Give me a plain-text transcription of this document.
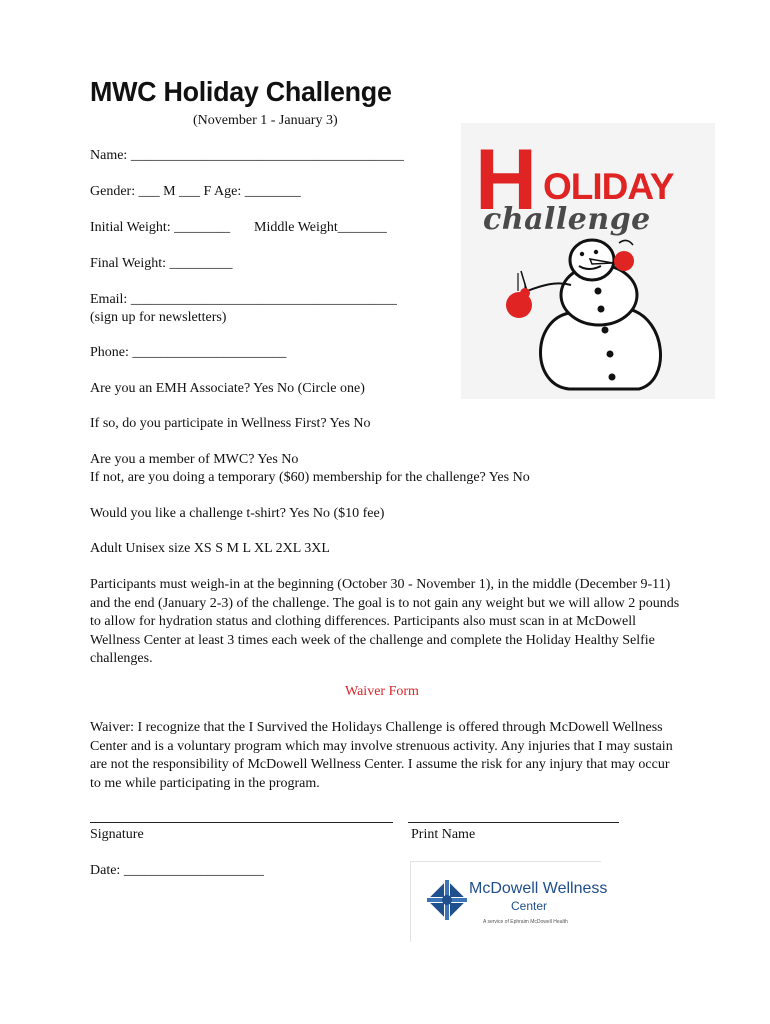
MWC Holiday Challenge
(November 1 - January 3)
Name: _______________________________________
Gender: ___ M ___ F Age: ________
Initial Weight: ________ Middle Weight_______
Final Weight: _________
Email: ______________________________________
(sign up for newsletters)
Phone: ______________________
Are you an EMH Associate? Yes No (Circle one)
If so, do you participate in Wellness First? Yes No
Are you a member of MWC? Yes No
If not, are you doing a temporary ($60) membership for the challenge? Yes No
Would you like a challenge t-shirt? Yes No ($10 fee)
Adult Unisex size XS S M L XL 2XL 3XL
Participants must weigh-in at the beginning (October 30 - November 1), in the middle (December 9-11) and the end (January 2-3) of the challenge. The goal is to not gain any weight but we will allow 2 pounds to allow for hydration status and clothing differences. Participants also must scan in at McDowell Wellness Center at least 3 times each week of the challenge and complete the Holiday Healthy Selfie challenges.
Waiver Form
Waiver: I recognize that the I Survived the Holidays Challenge is offered through McDowell Wellness Center and is a voluntary program which may involve strenuous activity. Any injuries that I may sustain are not the responsibility of McDowell Wellness Center. I assume the risk for any injury that may occur to me while participating in the program.
Signature	Print Name
Date: ____________________
H OLIDAY
challenge
McDowell Wellness
Center
A service of Ephraim McDowell Health
